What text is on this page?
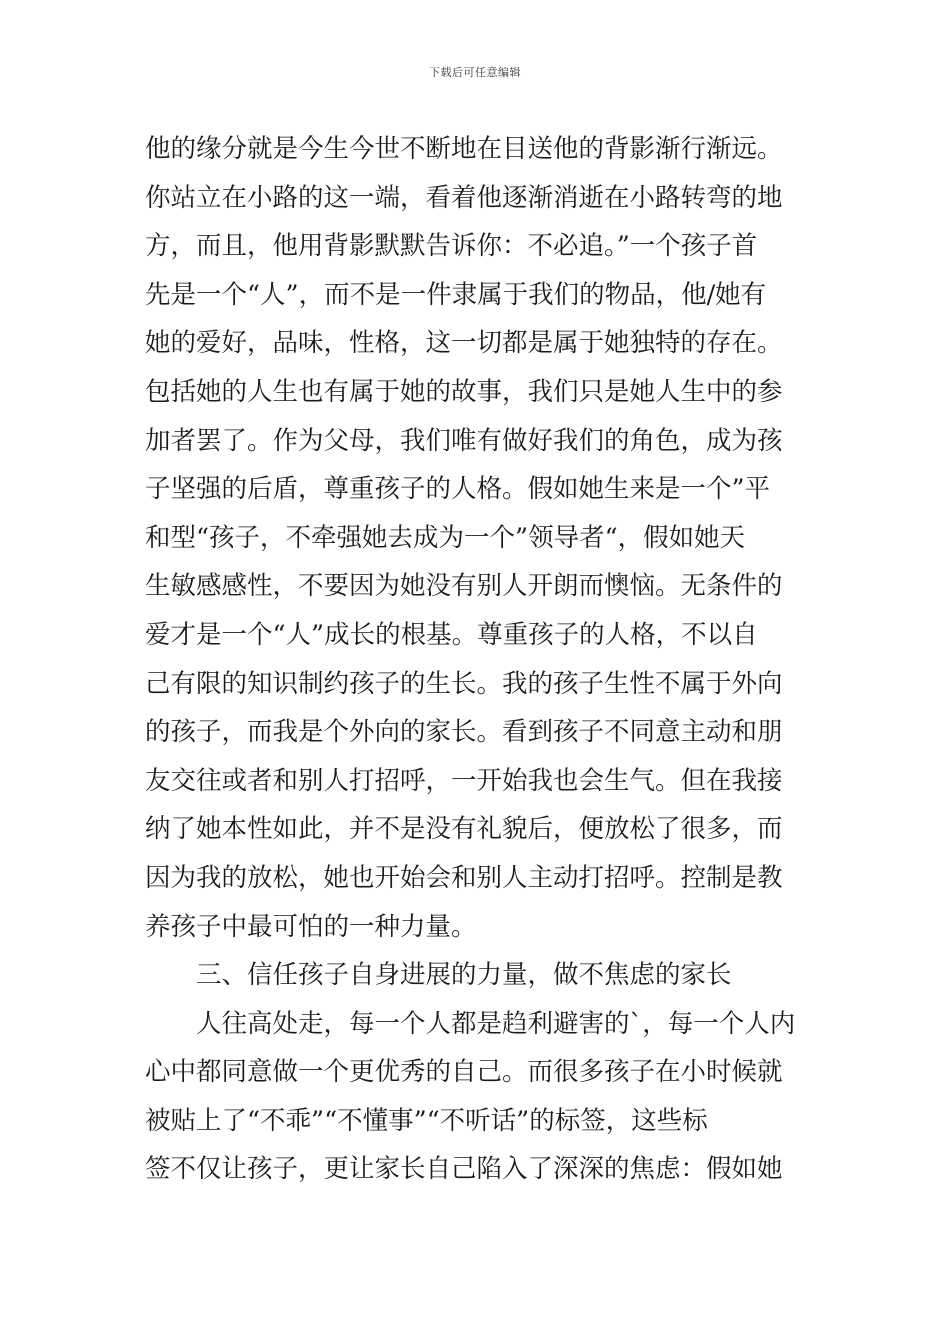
下载后可任意编辑
他的缘分就是今生今世不断地在目送他的背影渐行渐远。
你站立在小路的这一端，看着他逐渐消逝在小路转弯的地
方，而且，他用背影默默告诉你：不必追。”一个孩子首
先是一个“人”，而不是一件隶属于我们的物品，他/她有
她的爱好，品味，性格，这一切都是属于她独特的存在。
包括她的人生也有属于她的故事，我们只是她人生中的参
加者罢了。作为父母，我们唯有做好我们的角色，成为孩
子坚强的后盾，尊重孩子的人格。假如她生来是一个”平
和型“孩子，不牵强她去成为一个”领导者“，假如她天
生敏感感性，不要因为她没有别人开朗而懊恼。无条件的
爱才是一个“人”成长的根基。尊重孩子的人格，不以自
己有限的知识制约孩子的生长。我的孩子生性不属于外向
的孩子，而我是个外向的家长。看到孩子不同意主动和朋
友交往或者和别人打招呼，一开始我也会生气。但在我接
纳了她本性如此，并不是没有礼貌后，便放松了很多，而
因为我的放松，她也开始会和别人主动打招呼。控制是教
养孩子中最可怕的一种力量。
三、信任孩子自身进展的力量，做不焦虑的家长
人往高处走，每一个人都是趋利避害的`，每一个人内
心中都同意做一个更优秀的自己。而很多孩子在小时候就
被贴上了“不乖”“不懂事”“不听话”的标签，这些标
签不仅让孩子，更让家长自己陷入了深深的焦虑：假如她
